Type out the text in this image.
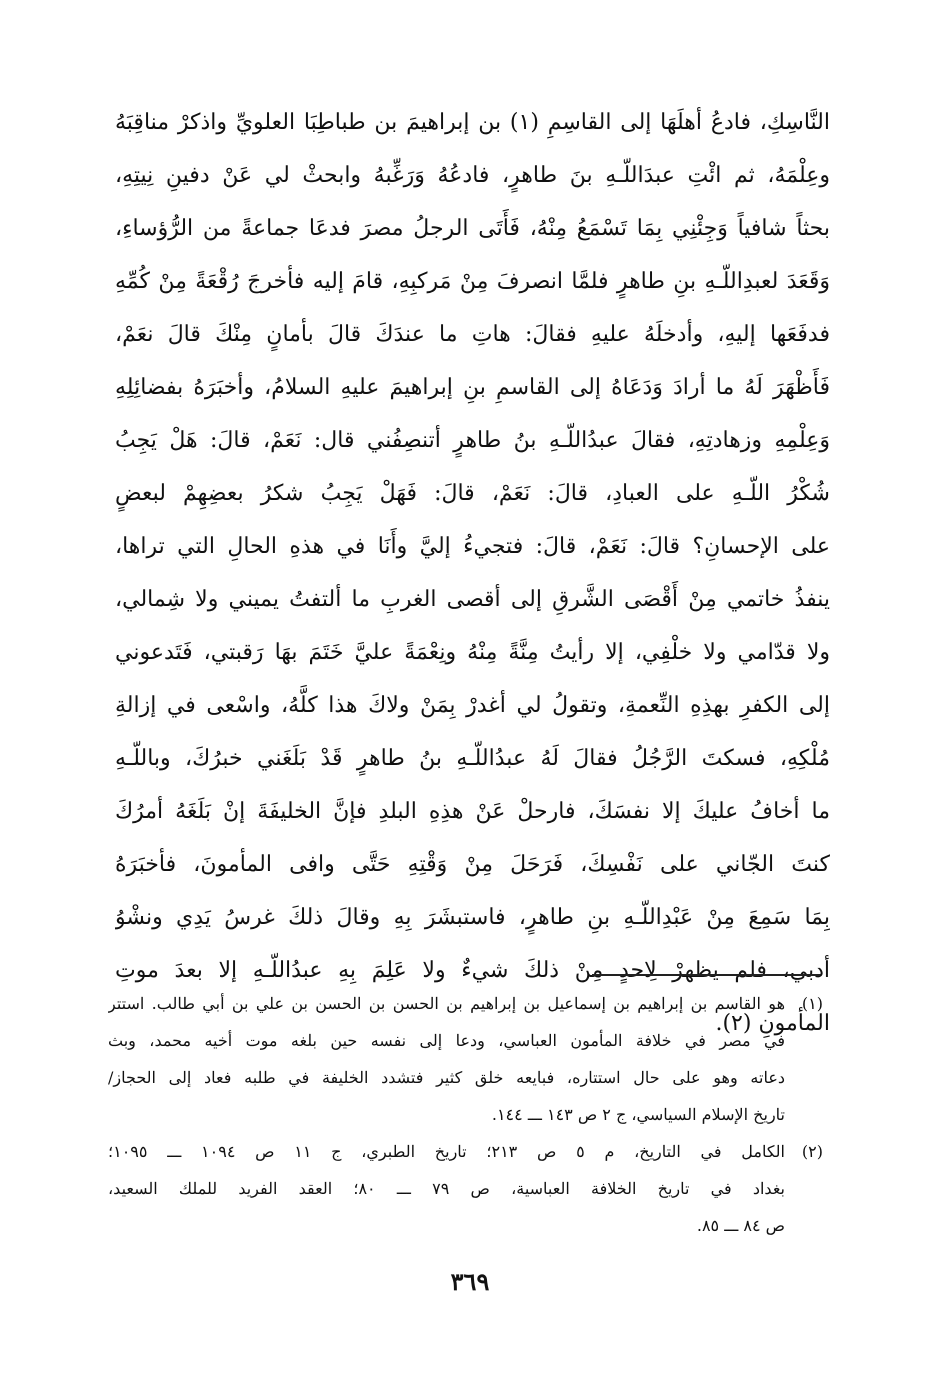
النَّاسِكِ، فادعُ أهلَهَا إلى القاسِمِ (١) بن إبراهيمَ بن طباطِبَا العلويِّ واذكرْ مناقِبَهُ
وعِلْمَهُ، ثم ائْتِ عبدَاللّـهِ بنَ طاهرٍ، فادعُهُ وَرَغِّبهُ وابحثْ لي عَنْ دفينِ نِيتِهِ،
بحثاً شافياً وَجِئْنِي بِمَا تَسْمَعُ مِنْهُ، فَأَتَى الرجلُ مصرَ فدعَا جماعةً من الرُّؤساءِ،
وَقَعَدَ لعبدِاللّـهِ بنِ طاهرٍ فلمَّا انصرفَ مِنْ مَركبِهِ، قامَ إليه فأخرجَ رُقْعَةً مِنْ كُمِّهِ
فدفَعَها إليهِ، وأدخلَهُ عليهِ فقالَ: هاتِ ما عندَكَ قالَ بأمانٍ مِنْكَ قالَ نعَمْ،
فَأَظْهَرَ لَهُ ما أرادَ وَدَعَاهُ إلى القاسمِ بنِ إبراهيمَ عليهِ السلامُ، وأخبَرَهُ بفضائِلِهِ
وَعِلْمِهِ وزهادتِهِ، فقالَ عبدُاللّـهِ بنُ طاهرٍ أتنصِفُني قال: نَعَمْ، قالَ: هَلْ يَجِبُ
شُكْرُ اللّـهِ على العبادِ، قالَ: نَعَمْ، قالَ: فَهَلْ يَجِبُ شكرُ بعضِهِمْ لبعضٍ
على الإحسانِ؟ قالَ: نَعَمْ، قالَ: فتجيءُ إليَّ وأَنَا في هذهِ الحالِ التي تراها،
ينفذُ خاتمي مِنْ أَقْصَى الشَّرقِ إلى أقصى الغربِ ما ألتفتُ يميني ولا شِمالي،
ولا قدّامي ولا خلْفِي، إلا رأيتُ مِنَّةً مِنْهُ ونِعْمَةً عليَّ خَتَمَ بهَا رَقبتي، فَتَدعوني
إلى الكفرِ بهذِهِ النِّعمةِ، وتقولُ لي أغدرْ بِمَنْ ولاكَ هذا كلَّهُ، واسْعى في إزالةِ
مُلْكِهِ، فسكتَ الرَّجُلُ فقالَ لَهُ عبدُاللّـهِ بنُ طاهرٍ قَدْ بَلَغَني خبرُكَ، وباللّـهِ
ما أخافُ عليكَ إلا نفسَكَ، فارحلْ عَنْ هذِهِ البلدِ فإنَّ الخليفَةَ إنْ بَلَغَهُ أمرُكَ
كنتَ الجّاني على نَفْسِكَ، فَرَحَلَ مِنْ وَقْتِهِ حَتَّى وافى المأمونَ، فأخبَرَهُ
بِمَا سَمِعَ مِنْ عَبْدِاللّـهِ بنِ طاهرٍ، فاستبشَرَ بِهِ وقالَ ذلكَ غرسُ يَدِي ونشْوُ
أدبي، فلم يظهرْ لِاحدٍ مِنْ ذلكَ شيءٌ ولا عَلِمَ بِهِ عبدُاللّـهِ إلا بعدَ موتِ
المأمونِ (٢).
(١)هو القاسم بن إبراهيم بن إسماعيل بن إبراهيم بن الحسن بن الحسن بن علي بن أبي طالب. استتر
في مصر في خلافة المأمون العباسي، ودعا إلى نفسه حين بلغه موت أخيه محمد، وبث
دعاته وهو على حال استتاره، فبايعه خلق كثير فتشدد الخليفة في طلبه فعاد إلى الحجاز/
تاريخ الإسلام السياسي، ج ٢ ص ١٤٣ ـــ ١٤٤.
(٢)الكامل في التاريخ، م ٥ ص ٢١٣؛ تاريخ الطبري، ج ١١ ص ١٠٩٤ ـــ ١٠٩٥؛
بغداد في تاريخ الخلافة العباسية، ص ٧٩ ـــ ٨٠؛ العقد الفريد للملك السعيد،
ص ٨٤ ـــ ٨٥.
٣٦٩
